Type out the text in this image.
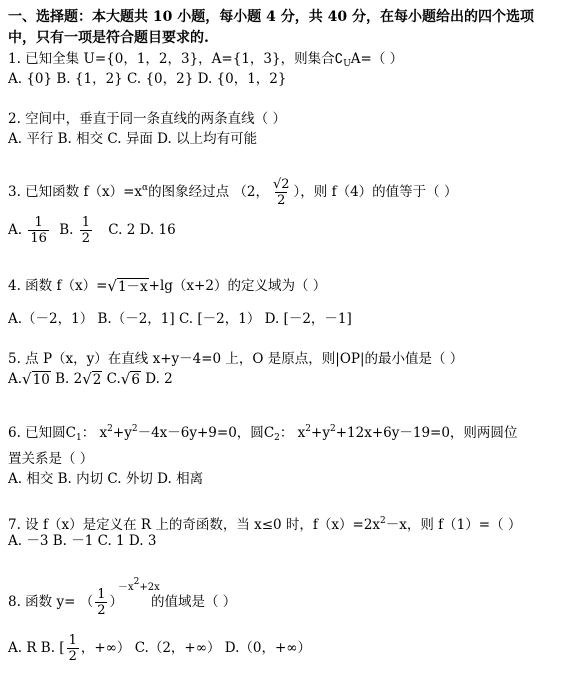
一、选择题：本大题共 10 小题，每小题 4 分，共 40 分，在每小题给出的四个选项
中，只有一项是符合题目要求的.
1. 已知全集 U={0，1，2，3}，A={1，3}，则集合$∁_UA=$（ ）
A. {0} B. {1，2} C. {0，2} D. {0，1，2}
2. 空间中，垂直于同一条直线的两条直线（ ）
A. 平行 B. 相交 C. 异面 D. 以上均有可能
3. 已知函数 $f(x)=x^\alpha$的图象经过点 （2， $\frac{√2}{2}$ ），则 f（4）的值等于（ ）
A. $\frac{1}{16} B$. $\frac{1}{2} C$. 2 D. 16
4. 函数 f（x）= √ 1－x +lg（x+2）的定义域为（ ）
A.（－2，1） B.（－2，1] C. [－2，1） D. [－2，－1]
5. 点 P（x，y）在直线 x+y－4=0 上，O 是原点，则|OP|的最小值是（ ）
A. √ 10 B. 2 √ 2 C. √ 6 D. 2
6. 已知圆$C_1$： $x^2+y^2-4x-6y+9=0$，圆$C_2$： $x^2+y^2+12x+6y-19=0$，则两圆位
置关系是（ ）
A. 相交 B. 内切 C. 外切 D. 相离
7. 设 f（x）是定义在 R 上的奇函数，当 x≤0 时，$f(x)=2x^2-x$，则 f（1）=（ ）
A. －3 B. －1 C. 1 D. 3
$-x^2+2x$
8. 函数 y= （ $\frac{1}{2}$ ） 的值域是（ ）
A. R B. [ $\frac{1}{2}$ ，+∞） C.（2，+∞） D.（0，+∞）
